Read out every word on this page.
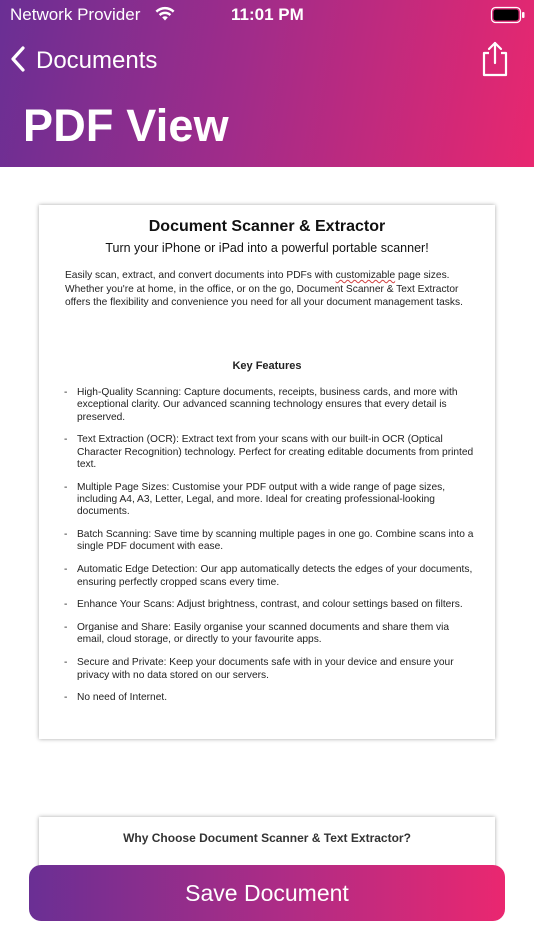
Network Provider	11:01 PM
Documents
PDF View
Document Scanner & Extractor
Turn your iPhone or iPad into a powerful portable scanner!
Easily scan, extract, and convert documents into PDFs with customizable page sizes. Whether you're at home, in the office, or on the go, Document Scanner & Text Extractor offers the flexibility and convenience you need for all your document management tasks.
Key Features
- High-Quality Scanning: Capture documents, receipts, business cards, and more with exceptional clarity. Our advanced scanning technology ensures that every detail is preserved.
- Text Extraction (OCR): Extract text from your scans with our built-in OCR (Optical Character Recognition) technology. Perfect for creating editable documents from printed text.
- Multiple Page Sizes: Customise your PDF output with a wide range of page sizes, including A4, A3, Letter, Legal, and more. Ideal for creating professional-looking documents.
- Batch Scanning: Save time by scanning multiple pages in one go. Combine scans into a single PDF document with ease.
- Automatic Edge Detection: Our app automatically detects the edges of your documents, ensuring perfectly cropped scans every time.
- Enhance Your Scans: Adjust brightness, contrast, and colour settings based on filters.
- Organise and Share: Easily organise your scanned documents and share them via email, cloud storage, or directly to your favourite apps.
- Secure and Private: Keep your documents safe with in your device and ensure your privacy with no data stored on our servers.
- No need of Internet.
Why Choose Document Scanner & Text Extractor?
Save Document
